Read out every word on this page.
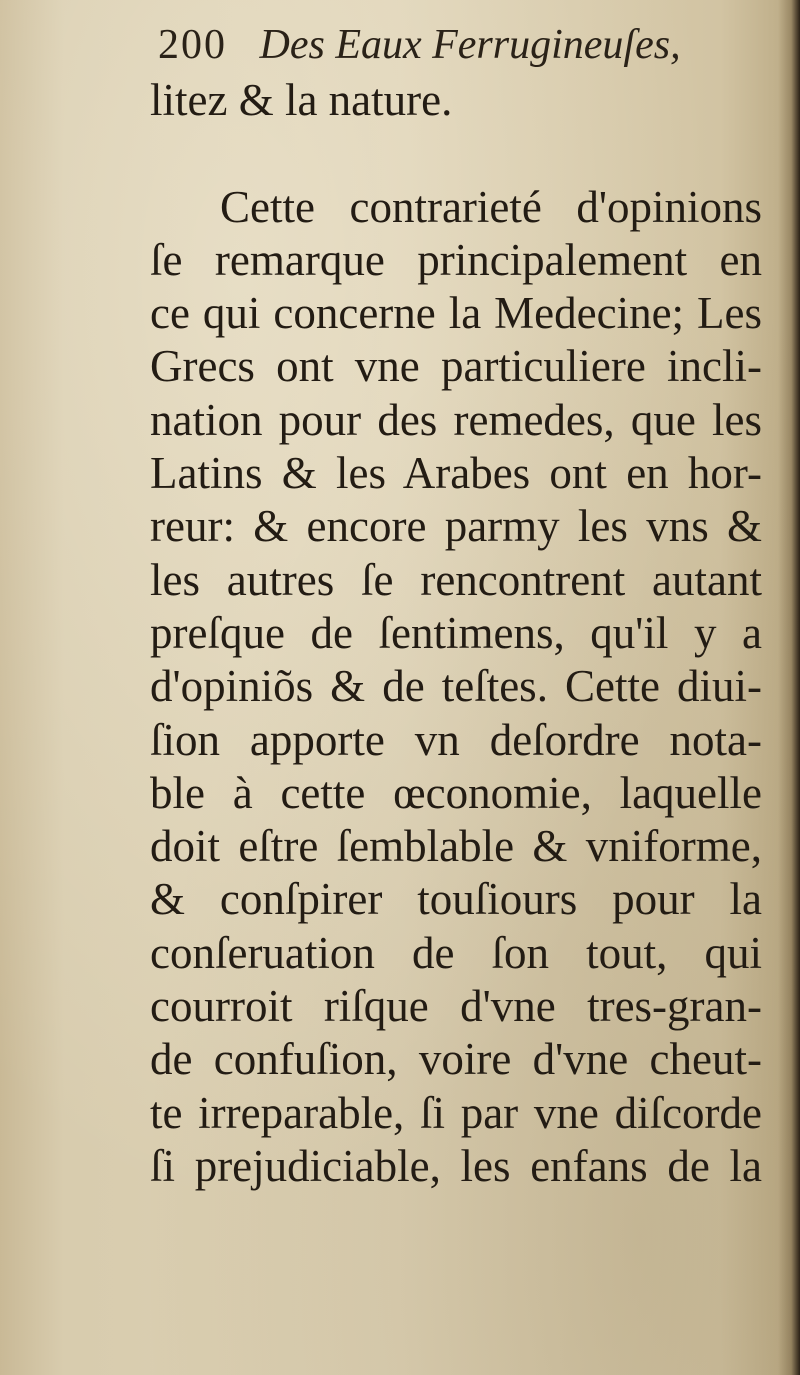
200 Des Eaux Ferrugineuſes,
litez & la nature.
Cette contrarieté d'opinions
ſe remarque principalement en
ce qui concerne la Medecine; Les
Grecs ont vne particuliere incli-
nation pour des remedes, que les
Latins & les Arabes ont en hor-
reur: & encore parmy les vns &
les autres ſe rencontrent autant
preſque de ſentimens, qu'il y a
d'opiniõs & de teſtes. Cette diui-
ſion apporte vn deſordre nota-
ble à cette œconomie, laquelle
doit eſtre ſemblable & vniforme,
& conſpirer touſiours pour la
conſeruation de ſon tout, qui
courroit riſque d'vne tres-gran-
de confuſion, voire d'vne cheut-
te irreparable, ſi par vne diſcorde
ſi prejudiciable, les enfans de la
